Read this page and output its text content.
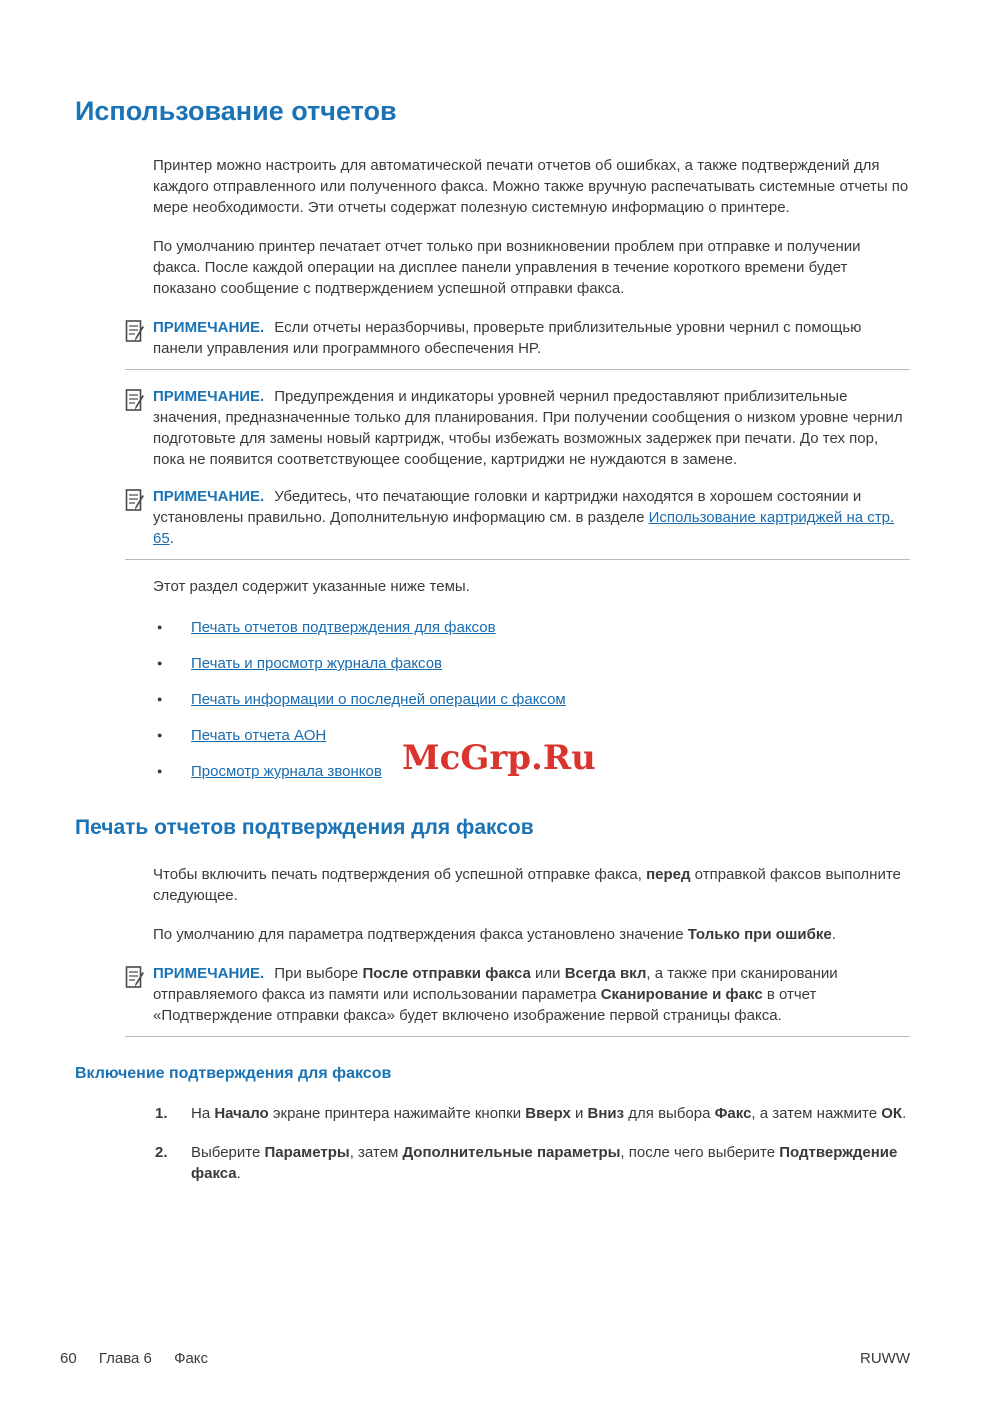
Использование отчетов

Принтер можно настроить для автоматической печати отчетов об ошибках, а также подтверждений для каждого отправленного или полученного факса. Можно также вручную распечатывать системные отчеты по мере необходимости. Эти отчеты содержат полезную системную информацию о принтере.

По умолчанию принтер печатает отчет только при возникновении проблем при отправке и получении факса. После каждой операции на дисплее панели управления в течение короткого времени будет показано сообщение с подтверждением успешной отправки факса.

ПРИМЕЧАНИЕ. Если отчеты неразборчивы, проверьте приблизительные уровни чернил с помощью панели управления или программного обеспечения HP.

ПРИМЕЧАНИЕ. Предупреждения и индикаторы уровней чернил предоставляют приблизительные значения, предназначенные только для планирования. При получении сообщения о низком уровне чернил подготовьте для замены новый картридж, чтобы избежать возможных задержек при печати. До тех пор, пока не появится соответствующее сообщение, картриджи не нуждаются в замене.

ПРИМЕЧАНИЕ. Убедитесь, что печатающие головки и картриджи находятся в хорошем состоянии и установлены правильно. Дополнительную информацию см. в разделе Использование картриджей на стр. 65.

Этот раздел содержит указанные ниже темы.

●	Печать отчетов подтверждения для факсов
●	Печать и просмотр журнала факсов
●	Печать информации о последней операции с факсом
●	Печать отчета АОН
●	Просмотр журнала звонков
Печать отчетов подтверждения для факсов

Чтобы включить печать подтверждения об успешной отправке факса, перед отправкой факсов выполните следующее.

По умолчанию для параметра подтверждения факса установлено значение Только при ошибке.

ПРИМЕЧАНИЕ. При выборе После отправки факса или Всегда вкл, а также при сканировании отправляемого факса из памяти или использовании параметра Сканирование и факс в отчет «Подтверждение отправки факса» будет включено изображение первой страницы факса.

Включение подтверждения для факсов
1.	На Начало экране принтера нажимайте кнопки Вверх и Вниз для выбора Факс, а затем нажмите ОК.
2.	Выберите Параметры, затем Дополнительные параметры, после чего выберите Подтверждение факса.
McGrp.Ru
60 Глава 6 Факс	RUWW
